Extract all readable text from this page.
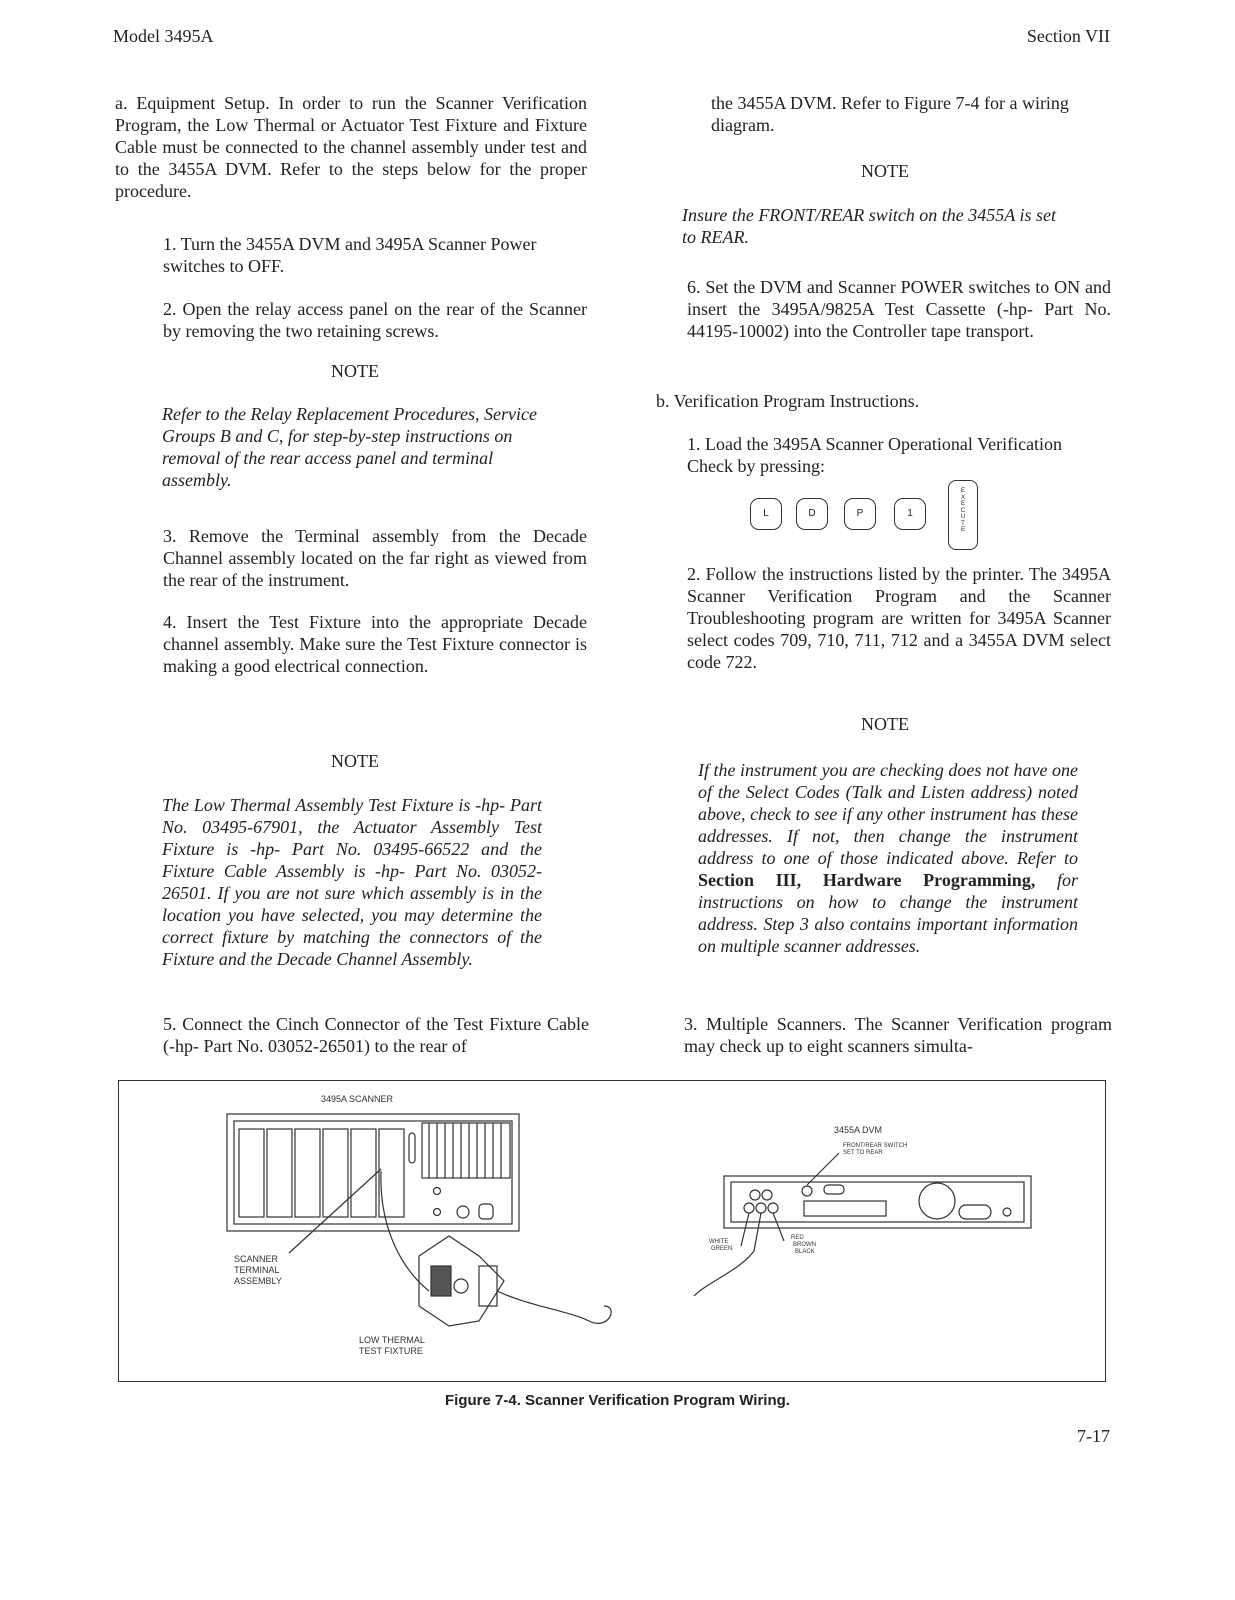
Model 3495A	Section VII

a. Equipment Setup. In order to run the Scanner Verification Program, the Low Thermal or Actuator Test Fixture and Fixture Cable must be connected to the channel assembly under test and to the 3455A DVM. Refer to the steps below for the proper procedure.

1. Turn the 3455A DVM and 3495A Scanner Power switches to OFF.

2. Open the relay access panel on the rear of the Scanner by removing the two retaining screws.

NOTE

Refer to the Relay Replacement Procedures, Service Groups B and C, for step-by-step instructions on removal of the rear access panel and terminal assembly.

3. Remove the Terminal assembly from the Decade Channel assembly located on the far right as viewed from the rear of the instrument.

4. Insert the Test Fixture into the appropriate Decade channel assembly. Make sure the Test Fixture connector is making a good electrical connection.

NOTE

The Low Thermal Assembly Test Fixture is -hp- Part No. 03495-67901, the Actuator Assembly Test Fixture is -hp- Part No. 03495-66522 and the Fixture Cable Assembly is -hp- Part No. 03052-26501. If you are not sure which assembly is in the location you have selected, you may determine the correct fixture by matching the connectors of the Fixture and the Decade Channel Assembly.

5. Connect the Cinch Connector of the Test Fixture Cable (-hp- Part No. 03052-26501) to the rear of

the 3455A DVM. Refer to Figure 7-4 for a wiring diagram.

NOTE

Insure the FRONT/REAR switch on the 3455A is set to REAR.

6. Set the DVM and Scanner POWER switches to ON and insert the 3495A/9825A Test Cassette (-hp- Part No. 44195-10002) into the Controller tape transport.

b. Verification Program Instructions.

1. Load the 3495A Scanner Operational Verification Check by pressing:

L	D	P	1
E
X
E
C
U
T
E

2. Follow the instructions listed by the printer. The 3495A Scanner Verification Program and the Scanner Troubleshooting program are written for 3495A Scanner select codes 709, 710, 711, 712 and a 3455A DVM select code 722.

NOTE

If the instrument you are checking does not have one of the Select Codes (Talk and Listen address) noted above, check to see if any other instrument has these addresses. If not, then change the instrument address to one of those indicated above. Refer to Section III, Hardware Programming, for instructions on how to change the instrument address. Step 3 also contains important information on multiple scanner addresses.

3. Multiple Scanners. The Scanner Verification program may check up to eight scanners simulta-

3495A SCANNER
SCANNER
TERMINAL
ASSEMBLY
LOW THERMAL
TEST FIXTURE
3455A DVM
FRONT/REAR SWITCH
SET TO REAR
WHITE
GREEN
RED
BROWN
BLACK
Figure 7-4. Scanner Verification Program Wiring.
7-17
